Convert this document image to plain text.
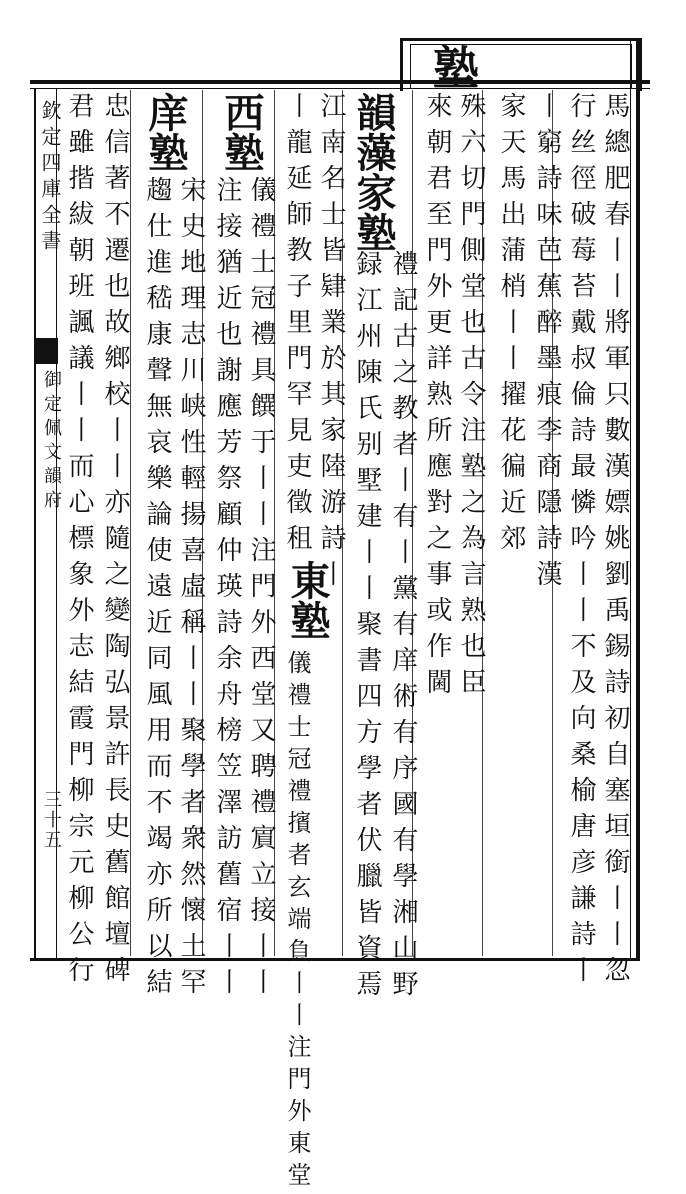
塾
欽定四庫全書
御定佩文韻府
三十五	馬總肥春丨丨將軍只數漢嫖姚劉禹錫詩初自塞垣銜丨丨忽
行丝徑破莓苔戴叔倫詩最憐吟丨丨不及向桑榆唐彦謙詩丨
丨窮詩味芭蕉醉墨痕李商隱詩漢
家天馬出蒲梢丨丨擢花徧近郊
殊六切門側堂也古令注塾之為言熟也臣
來朝君至門外更詳熟所應對之事或作閫
韻藻家塾
禮記古之教者丨有丨黨有庠術有序國有學湘山野
録江州陳氏别墅建丨丨聚書四方學者伏臘皆資焉
江南名士皆肄業於其家陸游詩丨
丨龍延師教子里門罕見吏徵租
東塾
儀禮士冠禮擯者玄端負丨丨注門外東堂
西塾
儀禮士冠禮具饌于丨丨注門外西堂又聘禮賔立接丨丨
注接猶近也謝應芳祭顧仲瑛詩余舟榜笠澤訪舊宿丨丨
庠塾
宋史地理志川峡性輕揚喜虛稱丨丨聚學者衆然懷土罕
趨仕進嵇康聲無哀樂論使遠近同風用而不竭亦所以結
忠信著不遷也故鄉校丨丨亦隨之變陶弘景許長史舊館壇碑
君雖揩紱朝班諷議丨丨而心標象外志結霞門柳宗元柳公行
